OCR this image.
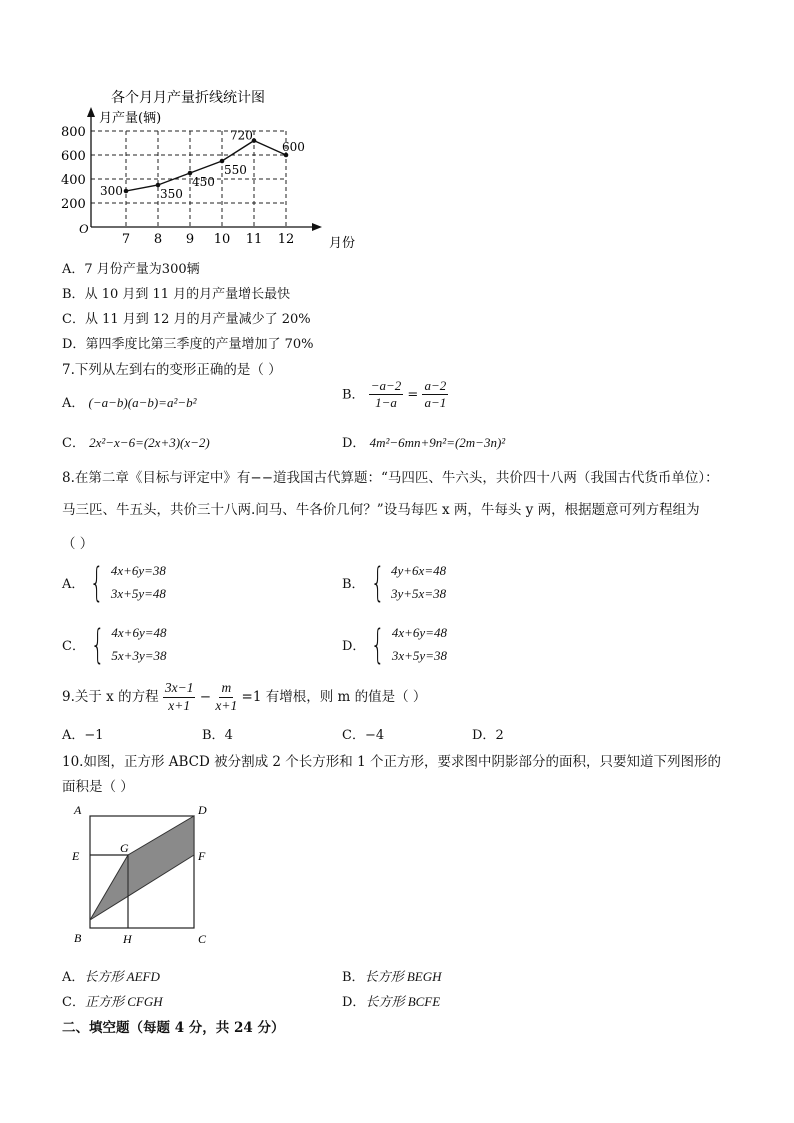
各个月月产量折线统计图
月产量(辆)
月份
O
200
400
600
800
7 8 9 10 11 12
300	350
450
550
720
600
A．7 月份产量为300辆
B．从 10 月到 11 月的月产量增长最快
C．从 11 月到 12 月的月产量减少了 20%
D．第四季度比第三季度的产量增加了 70%
7.下列从左到右的变形正确的是（ ）
A． (−a−b)(a−b)=a²−b²
B． $\frac{-a-2}{1-a} = \frac{a-2}{a-1}$
C． 2x²−x−6=(2x+3)(x−2)	D． 4m²−6mn+9n²=(2m−3n)²
8.在第二章《目标与评定中》有−−道我国古代算题：“马四匹、牛六头，共价四十八两（我国古代货币单位）：
马三匹、牛五头，共价三十八两.问马、牛各价几何？”设马每匹 x 两，牛每头 y 两，根据题意可列方程组为
（ ）
A． { 4x+6y=38
3x+5y=48
B． { 4y+6x=48
3y+5x=38
C． { 4x+6y=48
5x+3y=38
D． { 4x+6y=48
3x+5y=38
9.关于 x 的方程 $\frac{3x-1}{x+1} - \frac{m}{x+1} =1$ 有增根，则 m 的值是（ ）
A．−1	B．4	C．−4	D．2
10.如图，正方形 ABCD 被分割成 2 个长方形和 1 个正方形，要求图中阴影部分的面积，只要知道下列图形的
面积是（ ）
A	D
E
G
F
B	H	C
A．长方形 AEFD	B．长方形 BEGH
C．正方形 CFGH	D．长方形 BCFE
二、填空题（每题 4 分，共 24 分）
